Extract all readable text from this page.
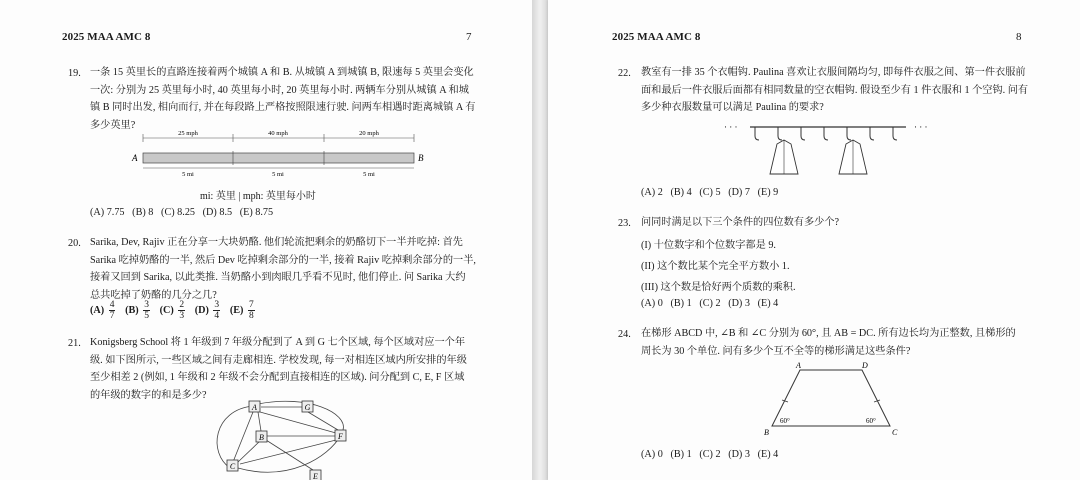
2025 MAA AMC 8	7
19. 一条 15 英里长的直路连接着两个城镇 A 和 B. 从城镇 A 到城镇 B, 限速每 5 英里会变化
一次: 分别为 25 英里每小时, 40 英里每小时, 20 英里每小时. 两辆车分别从城镇 A 和城
镇 B 同时出发, 相向而行, 并在每段路上严格按照限速行驶. 问两车相遇时距离城镇 A 有
多少英里?
25 mph	40 mph	20 mph
A	B
5 mi	5 mi	5 mi
mi: 英里 | mph: 英里每小时
(A) 7.75 (B) 8 (C) 8.25 (D) 8.5 (E) 8.75
20. Sarika, Dev, Rajiv 正在分享一大块奶酪. 他们轮流把剩余的奶酪切下一半并吃掉: 首先
Sarika 吃掉奶酪的一半, 然后 Dev 吃掉剩余部分的一半, 接着 Rajiv 吃掉剩余部分的一半,
接着又回到 Sarika, 以此类推. 当奶酪小到肉眼几乎看不见时, 他们停止. 问 Sarika 大约
总共吃掉了奶酪的几分之几?
$(A) \frac{4}{7} (B) \frac{3}{5} (C) \frac{2}{3} (D) \frac{3}{4} (E) \frac{7}{8}$
21. Konigsberg School 将 1 年级到 7 年级分配到了 A 到 G 七个区域, 每个区域对应一个年
级. 如下图所示, 一些区域之间有走廊相连. 学校发现, 每一对相连区域内所安排的年级
至少相差 2 (例如, 1 年级和 2 年级不会分配到直接相连的区域). 问分配到 C, E, F 区域
的年级的数字的和是多少?
A	G
B	F
C
E
2025 MAA AMC 8	8
22. 教室有一排 35 个衣帽钩. Paulina 喜欢让衣服间隔均匀, 即每件衣服之间、第一件衣服前
面和最后一件衣服后面都有相同数量的空衣帽钩. 假设至少有 1 件衣服和 1 个空钩. 问有
多少种衣服数量可以满足 Paulina 的要求?
· · ·	· · ·
(A) 2 (B) 4 (C) 5 (D) 7 (E) 9
23. 问同时满足以下三个条件的四位数有多少个?
(I) 十位数字和个位数字都是 9.
(II) 这个数比某个完全平方数小 1.
(III) 这个数是恰好两个质数的乘积.
(A) 0 (B) 1 (C) 2 (D) 3 (E) 4
24. 在梯形 ABCD 中, ∠B 和 ∠C 分别为 60°, 且 AB = DC. 所有边长均为正整数, 且梯形的
周长为 30 个单位. 问有多少个互不全等的梯形满足这些条件?
A	D
B	C
60°	60°
(A) 0 (B) 1 (C) 2 (D) 3 (E) 4
